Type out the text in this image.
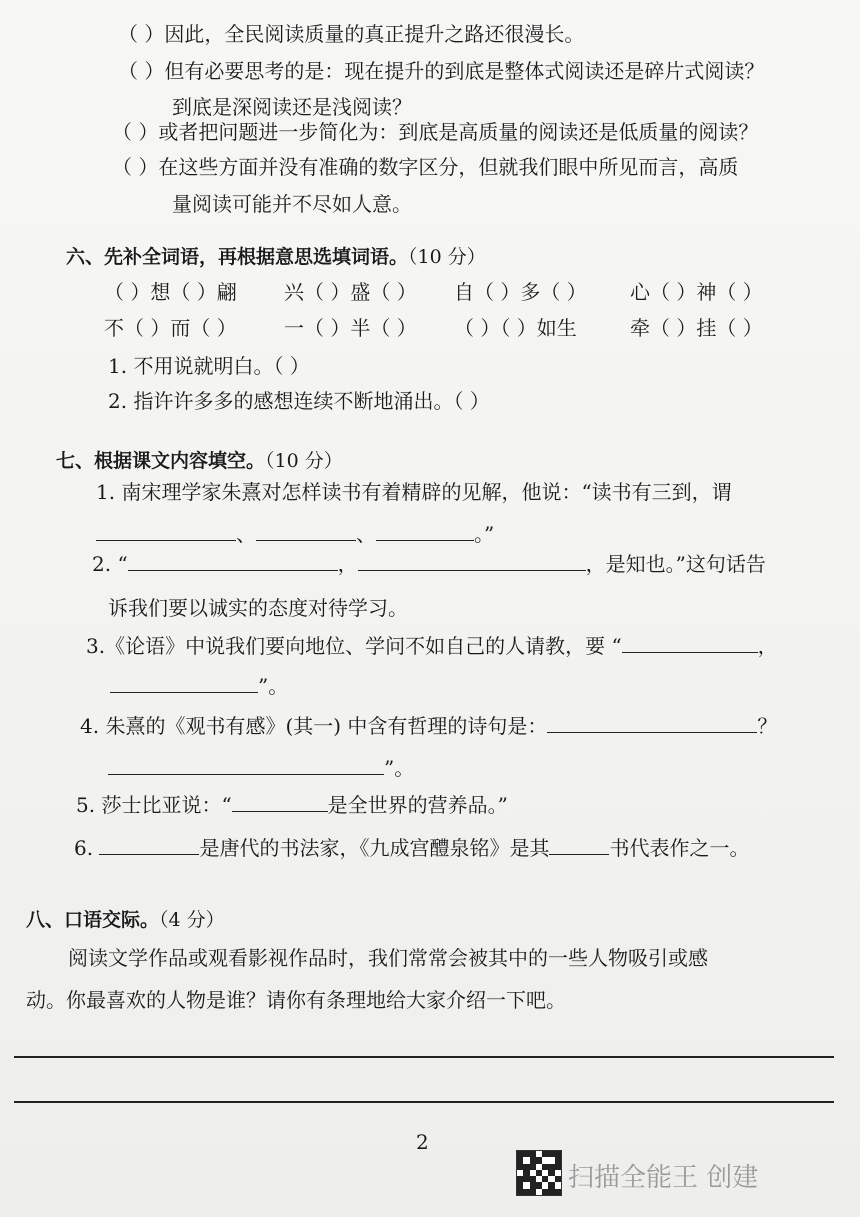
（ ）因此，全民阅读质量的真正提升之路还很漫长。
（ ）但有必要思考的是：现在提升的到底是整体式阅读还是碎片式阅读？
到底是深阅读还是浅阅读？
（ ）或者把问题进一步简化为：到底是高质量的阅读还是低质量的阅读？
（ ）在这些方面并没有准确的数字区分，但就我们眼中所见而言，高质
量阅读可能并不尽如人意。
六、先补全词语，再根据意思选填词语。（10 分）
（ ）想（ ）翩 兴（ ）盛（ ） 自（ ）多（ ） 心（ ）神（ ）
不（ ）而（ ） 一（ ）半（ ） （ ）（ ）如生	牵（ ）挂（ ）
1. 不用说就明白。（ ）
2. 指许许多多的感想连续不断地涌出。（ ）
七、根据课文内容填空。（10 分）
1. 南宋理学家朱熹对怎样读书有着精辟的见解，他说：“读书有三到，谓
、	、	。”
2. “	，	，是知也。”这句话告
诉我们要以诚实的态度对待学习。
3.《论语》中说我们要向地位、学问不如自己的人请教，要 “	，
”。
4. 朱熹的《观书有感》(其一) 中含有哲理的诗句是：	？
”。
5. 莎士比亚说：“	是全世界的营养品。”
6.	是唐代的书法家，《九成宫醴泉铭》是其	书代表作之一。
八、口语交际。（4 分）
阅读文学作品或观看影视作品时，我们常常会被其中的一些人物吸引或感
动。你最喜欢的人物是谁？请你有条理地给大家介绍一下吧。
2
扫描全能王 创建
